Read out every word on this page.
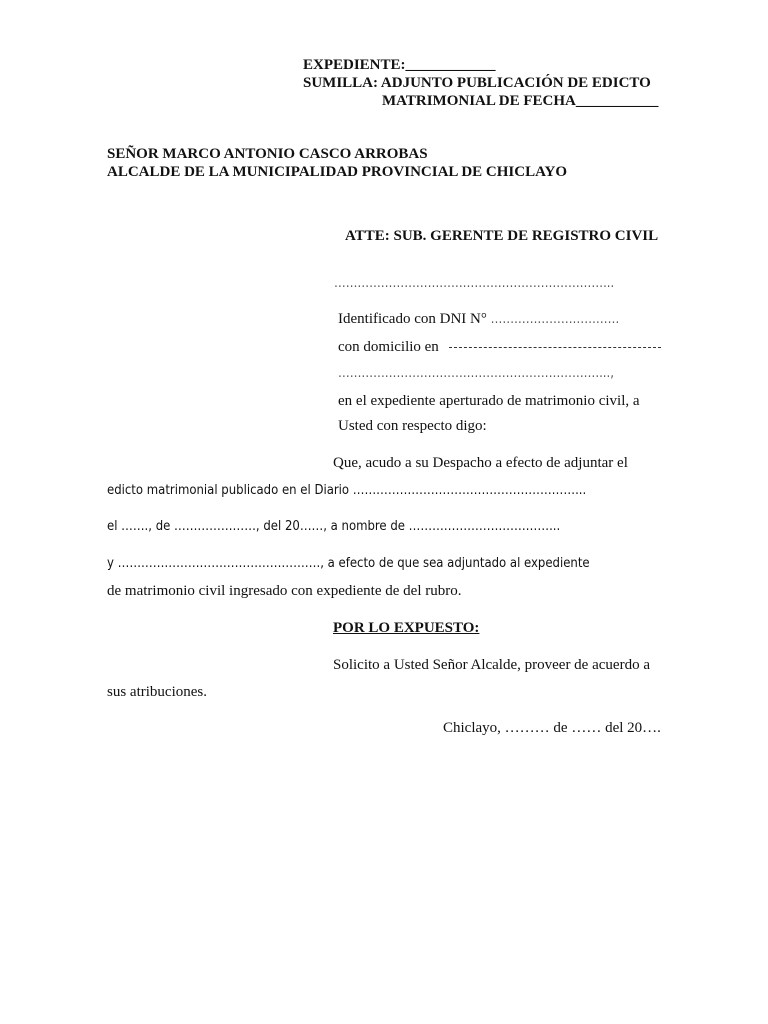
EXPEDIENTE:____________
SUMILLA: ADJUNTO PUBLICACIÓN DE EDICTO
MATRIMONIAL DE FECHA___________
SEÑOR MARCO ANTONIO CASCO ARROBAS
ALCALDE DE LA MUNICIPALIDAD PROVINCIAL DE CHICLAYO
ATTE: SUB. GERENTE DE REGISTRO CIVIL
……………………………………………………………...
Identificado con DNI N° ……………………………
con domicilio en
…………………………………………………………....,
en el expediente aperturado de matrimonio civil, a
Usted con respecto digo:
Que, acudo a su Despacho a efecto de adjuntar el
edicto matrimonial publicado en el Diario …………………………………………………...
el ……., de …………………, del 20……, a nombre de ………………………………...
y ……………………………………………., a efecto de que sea adjuntado al expediente
de matrimonio civil ingresado con expediente de del rubro.
POR LO EXPUESTO:
Solicito a Usted Señor Alcalde, proveer de acuerdo a
sus atribuciones.
Chiclayo, ……… de …… del 20….
